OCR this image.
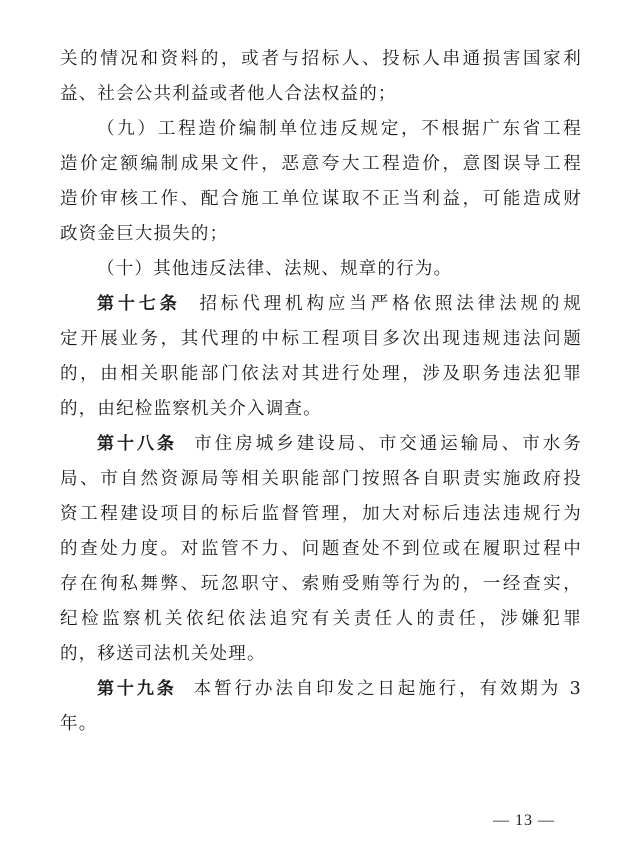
关的情况和资料的，或者与招标人、投标人串通损害国家利
益、社会公共利益或者他人合法权益的；
（九）工程造价编制单位违反规定，不根据广东省工程
造价定额编制成果文件，恶意夸大工程造价，意图误导工程
造价审核工作、配合施工单位谋取不正当利益，可能造成财
政资金巨大损失的；
（十）其他违反法律、法规、规章的行为。
第十七条 招标代理机构应当严格依照法律法规的规
定开展业务，其代理的中标工程项目多次出现违规违法问题
的，由相关职能部门依法对其进行处理，涉及职务违法犯罪
的，由纪检监察机关介入调查。
第十八条 市住房城乡建设局、市交通运输局、市水务
局、市自然资源局等相关职能部门按照各自职责实施政府投
资工程建设项目的标后监督管理，加大对标后违法违规行为
的查处力度。对监管不力、问题查处不到位或在履职过程中
存在徇私舞弊、玩忽职守、索贿受贿等行为的，一经查实，
纪检监察机关依纪依法追究有关责任人的责任，涉嫌犯罪
的，移送司法机关处理。
第十九条 本暂行办法自印发之日起施行，有效期为 3
年。
— 13 —
